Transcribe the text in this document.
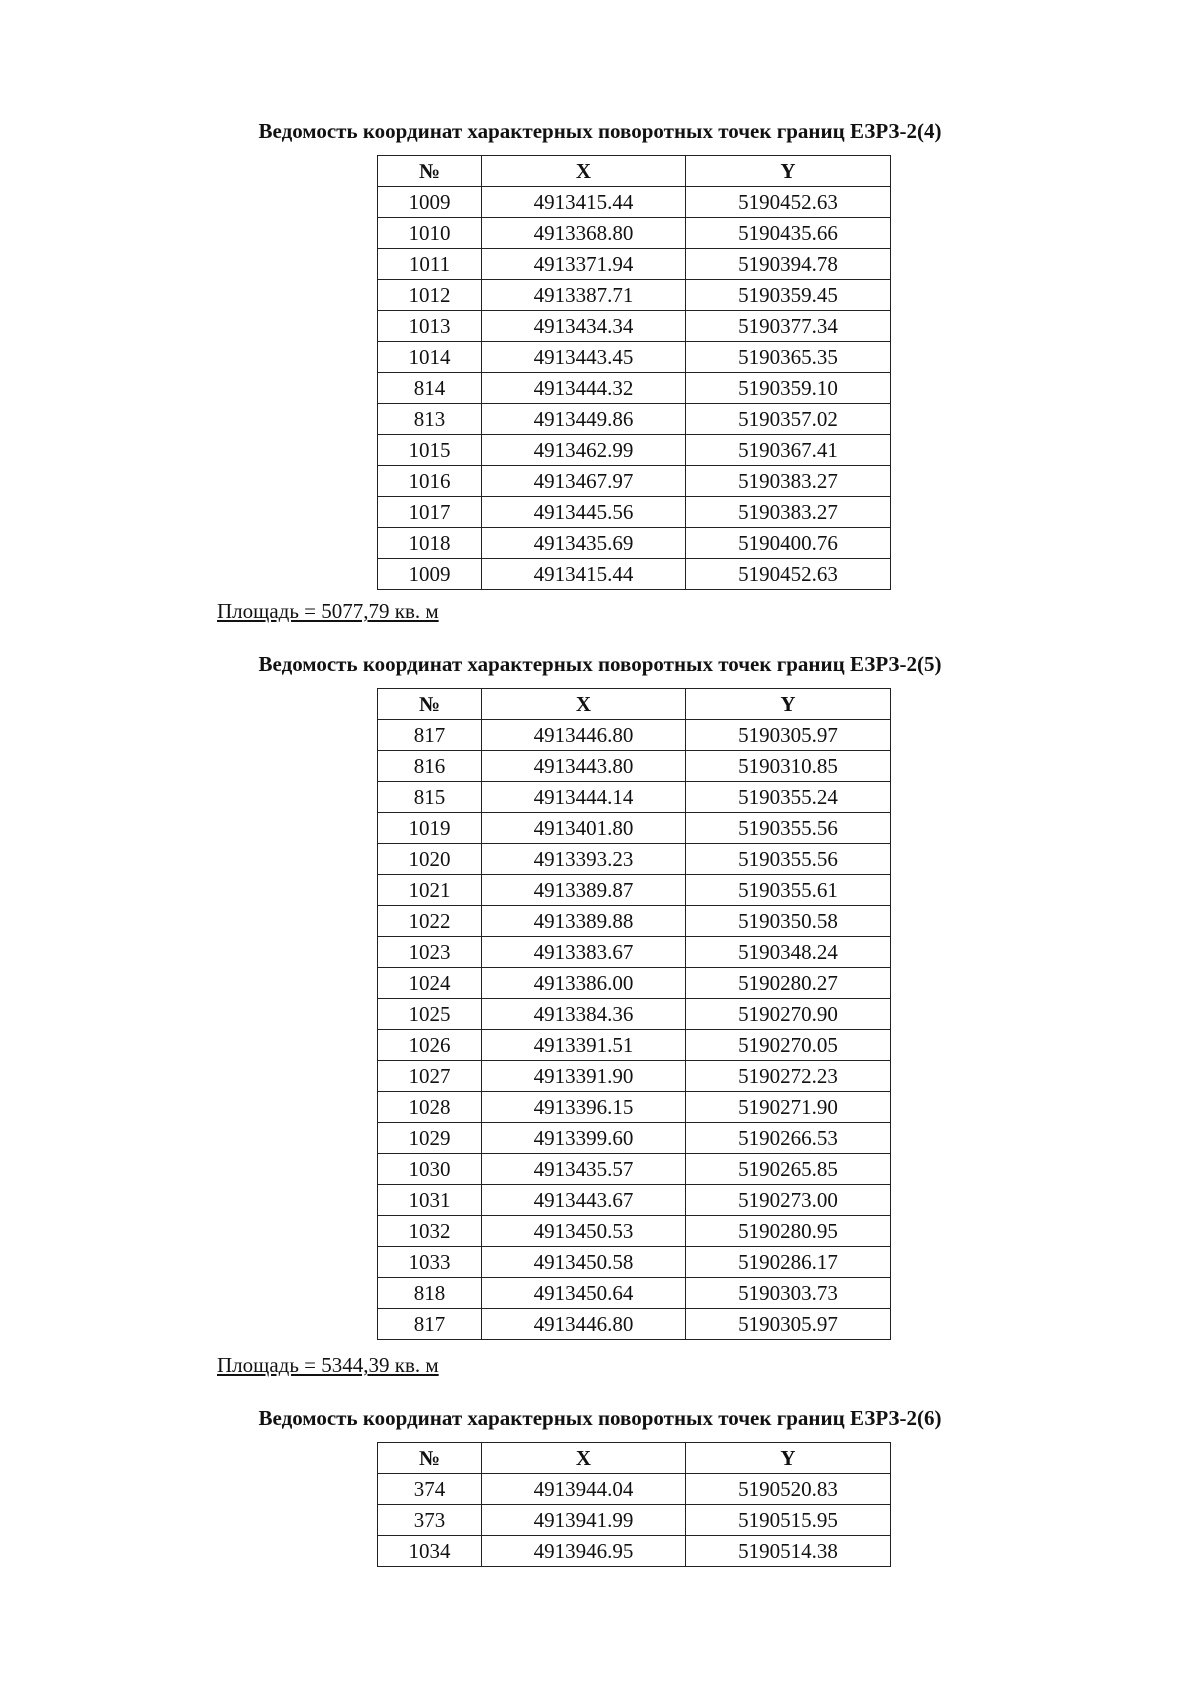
Ведомость координат характерных поворотных точек границ ЕЗРЗ-2(4)
№	X	Y
1009	4913415.44	5190452.63
1010	4913368.80	5190435.66
1011	4913371.94	5190394.78
1012	4913387.71	5190359.45
1013	4913434.34	5190377.34
1014	4913443.45	5190365.35
814	4913444.32	5190359.10
813	4913449.86	5190357.02
1015	4913462.99	5190367.41
1016	4913467.97	5190383.27
1017	4913445.56	5190383.27
1018	4913435.69	5190400.76
1009	4913415.44	5190452.63
Площадь = 5077,79 кв. м
Ведомость координат характерных поворотных точек границ ЕЗРЗ-2(5)
№	X	Y
817	4913446.80	5190305.97
816	4913443.80	5190310.85
815	4913444.14	5190355.24
1019	4913401.80	5190355.56
1020	4913393.23	5190355.56
1021	4913389.87	5190355.61
1022	4913389.88	5190350.58
1023	4913383.67	5190348.24
1024	4913386.00	5190280.27
1025	4913384.36	5190270.90
1026	4913391.51	5190270.05
1027	4913391.90	5190272.23
1028	4913396.15	5190271.90
1029	4913399.60	5190266.53
1030	4913435.57	5190265.85
1031	4913443.67	5190273.00
1032	4913450.53	5190280.95
1033	4913450.58	5190286.17
818	4913450.64	5190303.73
817	4913446.80	5190305.97
Площадь = 5344,39 кв. м
Ведомость координат характерных поворотных точек границ ЕЗРЗ-2(6)
№	X	Y
374	4913944.04	5190520.83
373	4913941.99	5190515.95
1034	4913946.95	5190514.38
